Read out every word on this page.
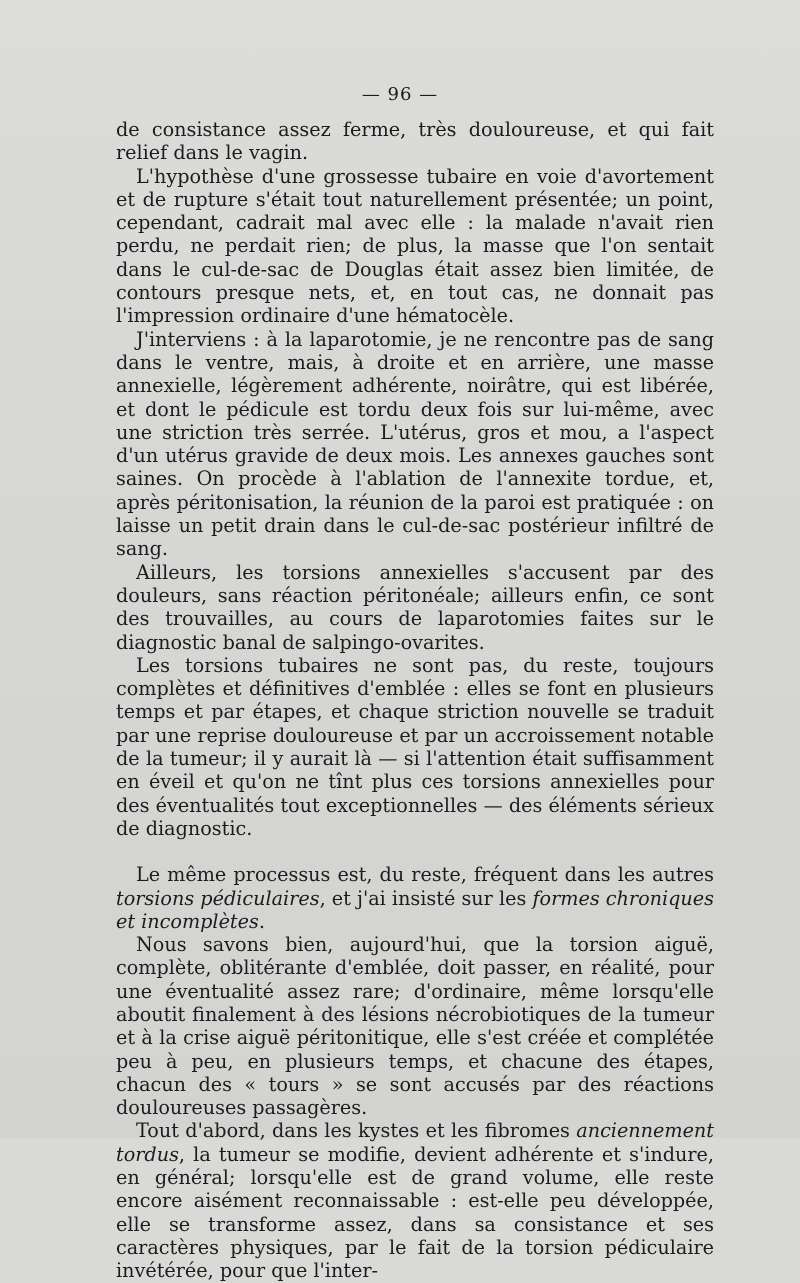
— 96 —

de consistance assez ferme, très douloureuse, et qui fait relief dans le vagin.

L'hypothèse d'une grossesse tubaire en voie d'avortement et de rupture s'était tout naturellement présentée; un point, cependant, cadrait mal avec elle : la malade n'avait rien perdu, ne perdait rien; de plus, la masse que l'on sentait dans le cul-de-sac de Douglas était assez bien limitée, de contours presque nets, et, en tout cas, ne donnait pas l'impression ordinaire d'une hématocèle.

J'interviens : à la laparotomie, je ne rencontre pas de sang dans le ventre, mais, à droite et en arrière, une masse annexielle, légèrement adhérente, noirâtre, qui est libérée, et dont le pédicule est tordu deux fois sur lui-même, avec une striction très serrée. L'utérus, gros et mou, a l'aspect d'un utérus gravide de deux mois. Les annexes gauches sont saines. On procède à l'ablation de l'annexite tordue, et, après péritonisation, la réunion de la paroi est pratiquée : on laisse un petit drain dans le cul-de-sac postérieur infiltré de sang.

Ailleurs, les torsions annexielles s'accusent par des douleurs, sans réaction péritonéale; ailleurs enfin, ce sont des trouvailles, au cours de laparotomies faites sur le diagnostic banal de salpingo-ovarites.

Les torsions tubaires ne sont pas, du reste, toujours complètes et définitives d'emblée : elles se font en plusieurs temps et par étapes, et chaque striction nouvelle se traduit par une reprise douloureuse et par un accroissement notable de la tumeur; il y aurait là — si l'attention était suffisamment en éveil et qu'on ne tînt plus ces torsions annexielles pour des éventualités tout exceptionnelles — des éléments sérieux de diagnostic.

Le même processus est, du reste, fréquent dans les autres torsions pédiculaires, et j'ai insisté sur les formes chroniques et incomplètes.

Nous savons bien, aujourd'hui, que la torsion aiguë, complète, oblitérante d'emblée, doit passer, en réalité, pour une éventualité assez rare; d'ordinaire, même lorsqu'elle aboutit finalement à des lésions nécrobiotiques de la tumeur et à la crise aiguë péritonitique, elle s'est créée et complétée peu à peu, en plusieurs temps, et chacune des étapes, chacun des « tours » se sont accusés par des réactions douloureuses passagères.

Tout d'abord, dans les kystes et les fibromes anciennement tordus, la tumeur se modifie, devient adhérente et s'indure, en général; lorsqu'elle est de grand volume, elle reste encore aisément reconnaissable : est-elle peu développée, elle se transforme assez, dans sa consistance et ses caractères physiques, par le fait de la torsion pédiculaire invétérée, pour que l'inter-
